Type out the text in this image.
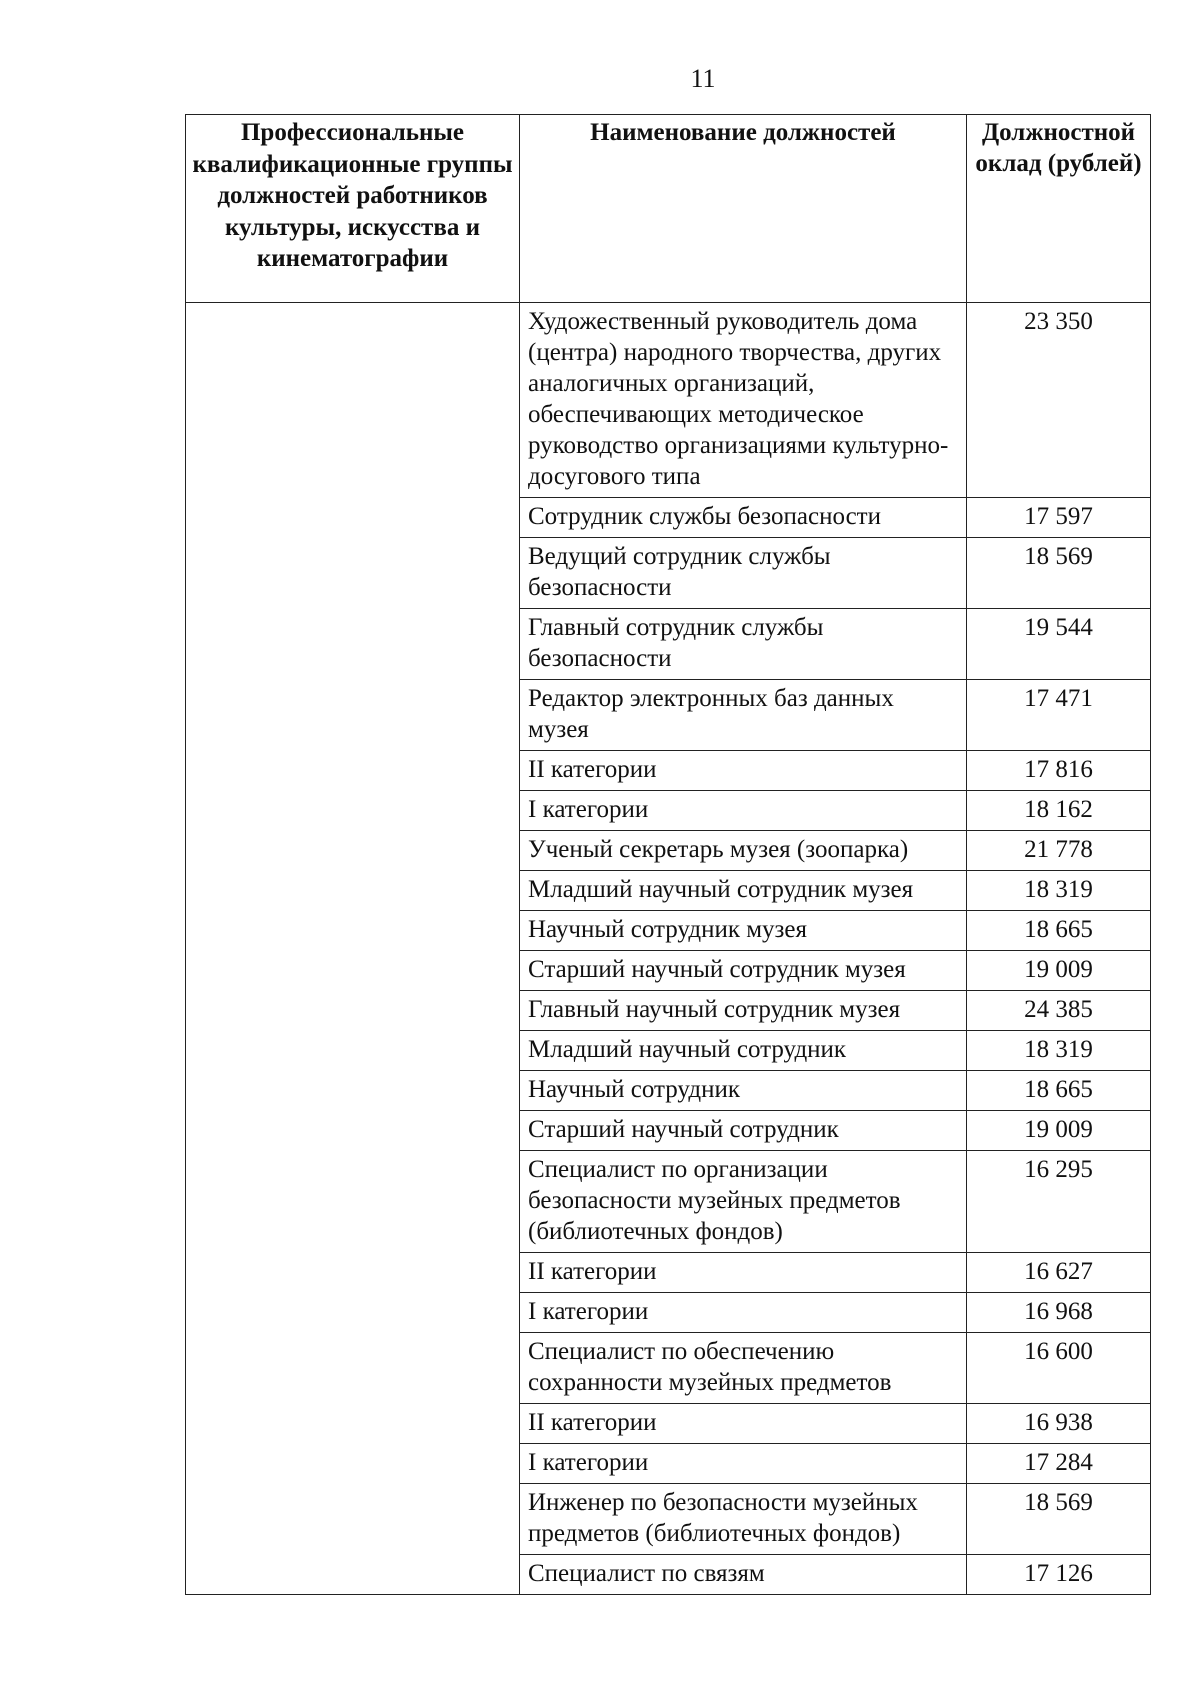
11
Профессиональные квалификационные группы должностей работников культуры, искусства и кинематографии	Наименование должностей	Должностной оклад (рублей)
	Художественный руководитель дома (центра) народного творчества, других аналогичных организаций, обеспечивающих методическое руководство организациями культурно-досугового типа	23 350
	Сотрудник службы безопасности	17 597
	Ведущий сотрудник службы безопасности	18 569
	Главный сотрудник службы безопасности	19 544
	Редактор электронных баз данных музея	17 471
	II категории	17 816
	I категории	18 162
	Ученый секретарь музея (зоопарка)	21 778
	Младший научный сотрудник музея	18 319
	Научный сотрудник музея	18 665
	Старший научный сотрудник музея	19 009
	Главный научный сотрудник музея	24 385
	Младший научный сотрудник	18 319
	Научный сотрудник	18 665
	Старший научный сотрудник	19 009
	Специалист по организации безопасности музейных предметов (библиотечных фондов)	16 295
	II категории	16 627
	I категории	16 968
	Специалист по обеспечению сохранности музейных предметов	16 600
	II категории	16 938
	I категории	17 284
	Инженер по безопасности музейных предметов (библиотечных фондов)	18 569
	Специалист по связям	17 126
